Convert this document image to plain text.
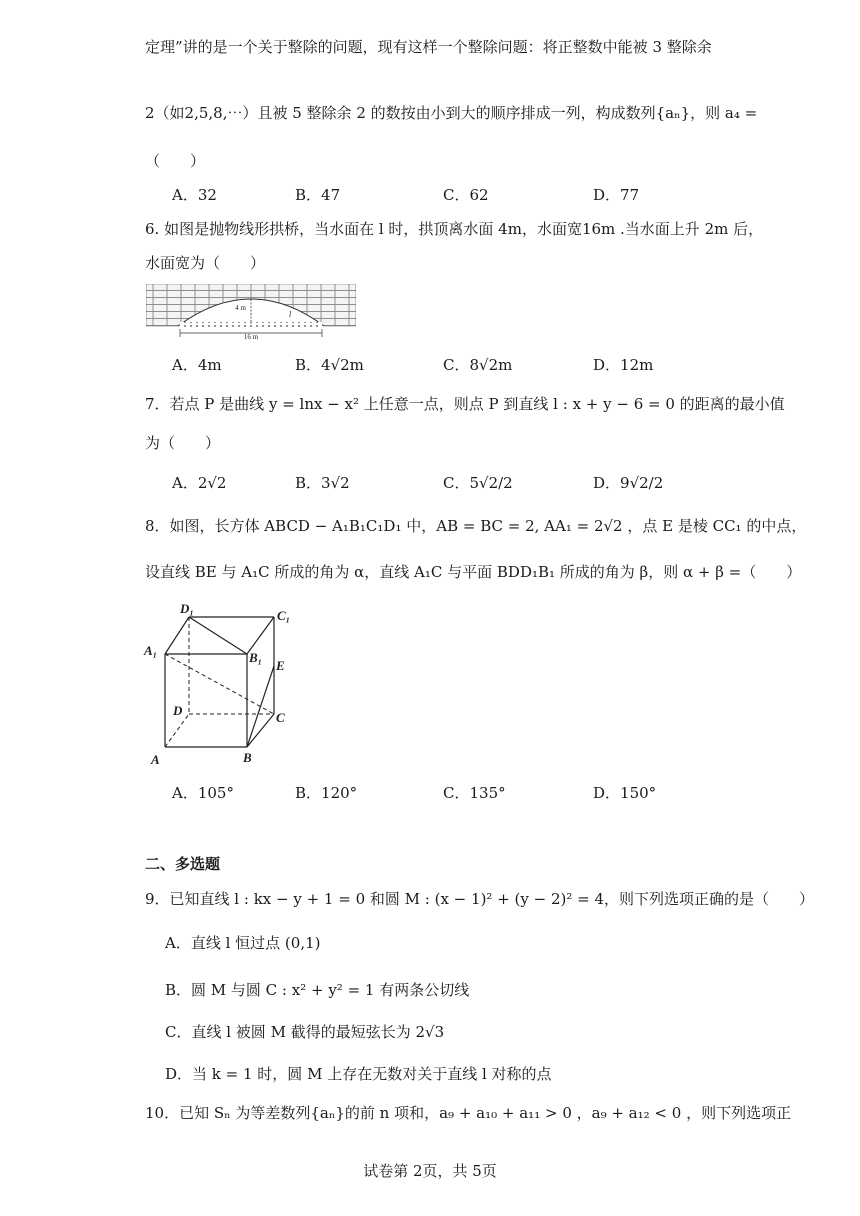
定理”讲的是一个关于整除的问题，现有这样一个整除问题：将正整数中能被 3 整除余
2（如2,5,8,⋯）且被 5 整除余 2 的数按由小到大的顺序排成一列，构成数列{aₙ}，则 a₄ =
（　　）
A．32	B．47	C．62	D．77
6. 如图是抛物线形拱桥，当水面在 l 时，拱顶离水面 4m，水面宽16m .当水面上升 2m 后，
水面宽为（　　）
4 m
l
16 m
A．4m	B．4√2m	C．8√2m	D．12m
7．若点 P 是曲线 y = lnx − x² 上任意一点，则点 P 到直线 l : x + y − 6 = 0 的距离的最小值
为（　　）
A．2√2	B．3√2	C．5√2/2	D．9√2/2
8．如图，长方体 ABCD − A₁B₁C₁D₁ 中，AB = BC = 2, AA₁ = 2√2 ，点 E 是棱 CC₁ 的中点，
设直线 BE 与 A₁C 所成的角为 α，直线 A₁C 与平面 BDD₁B₁ 所成的角为 β，则 α + β =（　　）
D₁	C₁
A₁	B₁
E
D	C
A	B
A．105°	B．120°	C．135°	D．150°
二、多选题
9．已知直线 l : kx − y + 1 = 0 和圆 M : (x − 1)² + (y − 2)² = 4，则下列选项正确的是（　　）
A．直线 l 恒过点 (0,1)
B．圆 M 与圆 C : x² + y² = 1 有两条公切线
C．直线 l 被圆 M 截得的最短弦长为 2√3
D．当 k = 1 时，圆 M 上存在无数对关于直线 l 对称的点
10．已知 Sₙ 为等差数列{aₙ}的前 n 项和，a₉ + a₁₀ + a₁₁ > 0 ，a₉ + a₁₂ < 0 ，则下列选项正
试卷第 2页，共 5页
